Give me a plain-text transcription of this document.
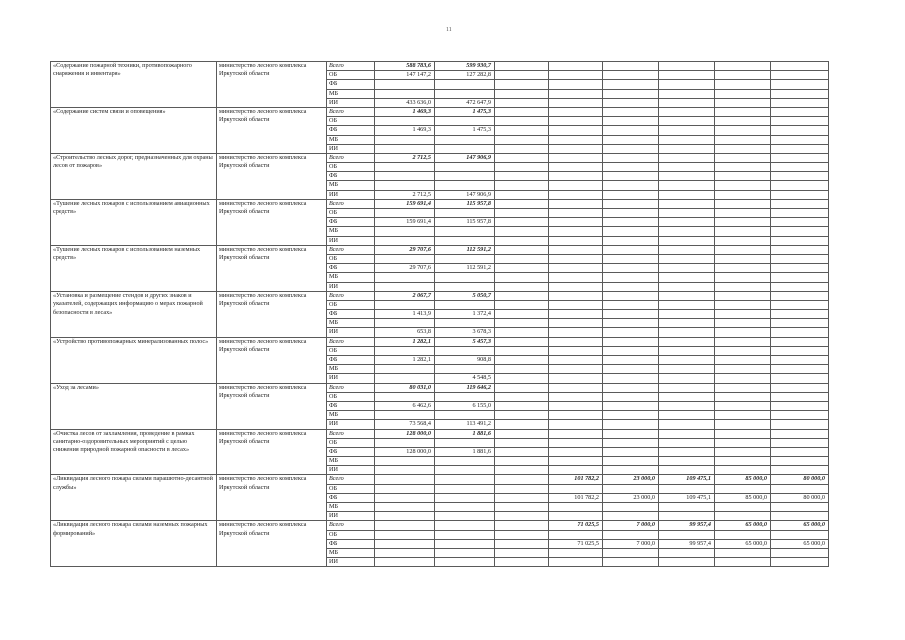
11
«Содержание пожарной техники, противопожарного снаряжения и инвентаря»	министерство лесного комплекса Иркутской области	Всего	588 783,6	599 930,7						
		ОБ	147 147,2	127 282,8						
		ФБ								
		МБ								
		ИИ	433 636,0	472 647,9						
«Содержание систем связи и оповещения»	министерство лесного комплекса Иркутской области	Всего	1 469,3	1 475,3						
		ОБ								
		ФБ	1 469,3	1 475,3						
		МБ								
		ИИ								
«Строительство лесных дорог, предназначенных для охраны лесов от пожаров»	министерство лесного комплекса Иркутской области	Всего	2 712,5	147 906,9						
		ОБ								
		ФБ								
		МБ								
		ИИ	2 712,5	147 906,9						
«Тушение лесных пожаров с использованием авиационных средств»	министерство лесного комплекса Иркутской области	Всего	159 691,4	115 957,8						
		ОБ								
		ФБ	159 691,4	115 957,8						
		МБ								
		ИИ								
«Тушение лесных пожаров с использованием наземных средств»	министерство лесного комплекса Иркутской области	Всего	29 707,6	112 591,2						
		ОБ								
		ФБ	29 707,6	112 591,2						
		МБ								
		ИИ								
«Установка и размещение стендов и других знаков и указателей, содержащих информацию о мерах пожарной безопасности в лесах»	министерство лесного комплекса Иркутской области	Всего	2 067,7	5 050,7						
		ОБ								
		ФБ	1 413,9	1 372,4						
		МБ								
		ИИ	653,8	3 678,3						
«Устройство противопожарных минерализованных полос»	министерство лесного комплекса Иркутской области	Всего	1 282,1	5 457,3						
		ОБ								
		ФБ	1 282,1	908,8						
		МБ								
		ИИ		4 548,5						
«Уход за лесами»	министерство лесного комплекса Иркутской области	Всего	80 031,0	119 646,2						
		ОБ								
		ФБ	6 462,6	6 155,0						
		МБ								
		ИИ	73 568,4	113 491,2						
«Очистка лесов от захламления, проведение в рамках санитарно-оздоровительных мероприятий с целью снижения природной пожарной опасности в лесах»	министерство лесного комплекса Иркутской области	Всего	128 000,0	1 881,6						
		ОБ								
		ФБ	128 000,0	1 881,6						
		МБ								
		ИИ								
«Ликвидация лесного пожара силами парашютно-десантной службы»	министерство лесного комплекса Иркутской области	Всего				101 782,2	23 000,0	109 475,1	85 000,0	80 000,0
		ОБ								
		ФБ				101 782,2	23 000,0	109 475,1	85 000,0	80 000,0
		МБ								
		ИИ								
«Ликвидация лесного пожара силами наземных пожарных формирований»	министерство лесного комплекса Иркутской области	Всего				71 025,5	7 000,0	99 957,4	65 000,0	65 000,0
		ОБ								
		ФБ				71 025,5	7 000,0	99 957,4	65 000,0	65 000,0
		МБ								
		ИИ								
